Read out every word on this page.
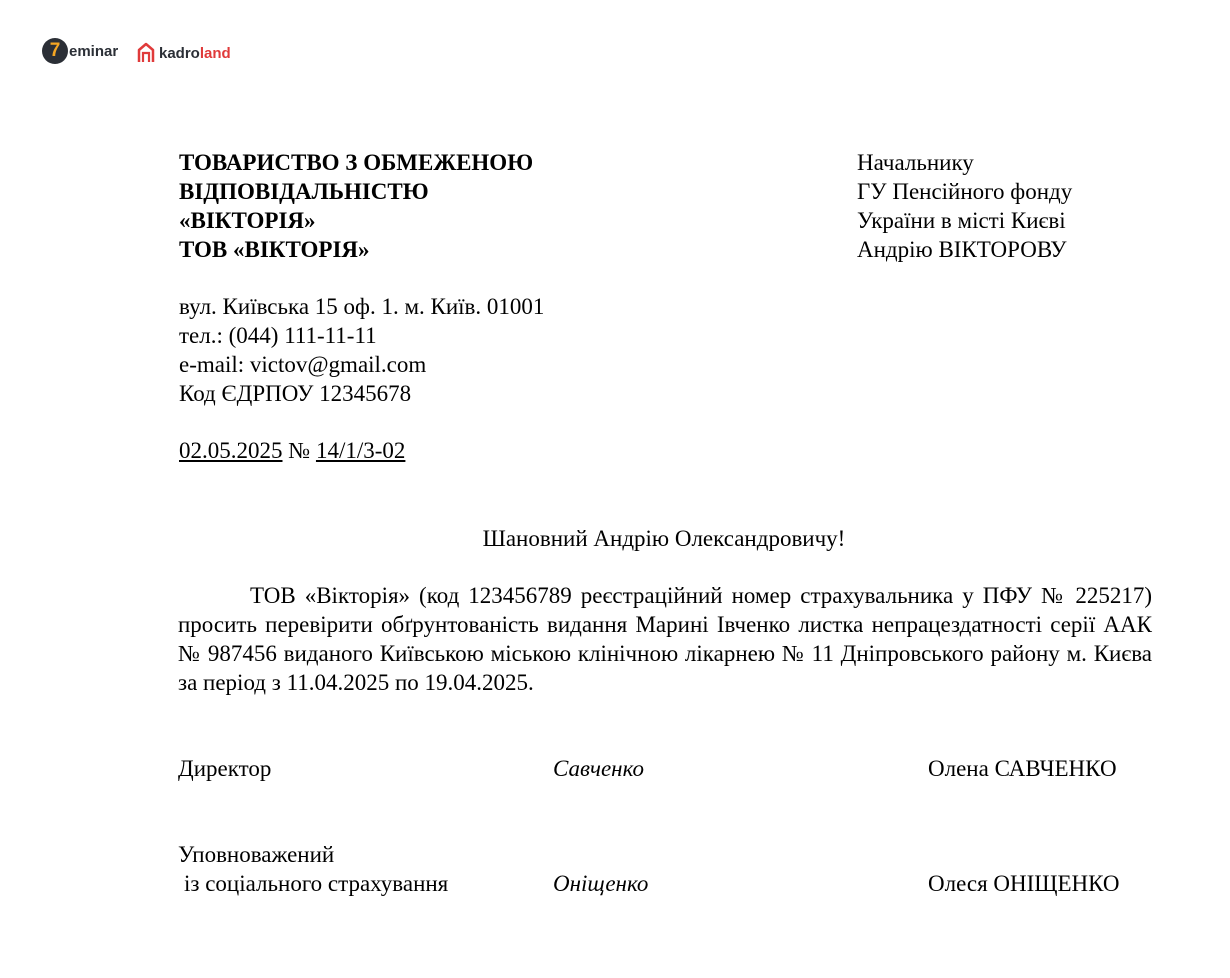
7 eminar	kadroland
ТОВАРИСТВО З ОБМЕЖЕНОЮ
ВІДПОВІДАЛЬНІСТЮ
«ВІКТОРІЯ»
ТОВ «ВІКТОРІЯ»
вул. Київська 15 оф. 1. м. Київ. 01001
тел.: (044) 111-11-11
e-mail: victov@gmail.com
Код ЄДРПОУ 12345678
02.05.2025 № 14/1/3-02
Начальнику
ГУ Пенсійного фонду
України в місті Києві
Андрію ВІКТОРОВУ
Шановний Андрію Олександровичу!
ТОВ «Вікторія» (код 123456789 реєстраційний номер страхувальника у ПФУ № 225217) просить перевірити обґрунтованість видання Марині Івченко листка непрацездатності серії ААК № 987456 виданого Київською міською клінічною лікарнею № 11 Дніпровського району м. Києва за період з 11.04.2025 по 19.04.2025.
Директор	Савченко	Олена САВЧЕНКО
Уповноважений
із соціального страхування	Оніщенко	Олеся ОНІЩЕНКО
